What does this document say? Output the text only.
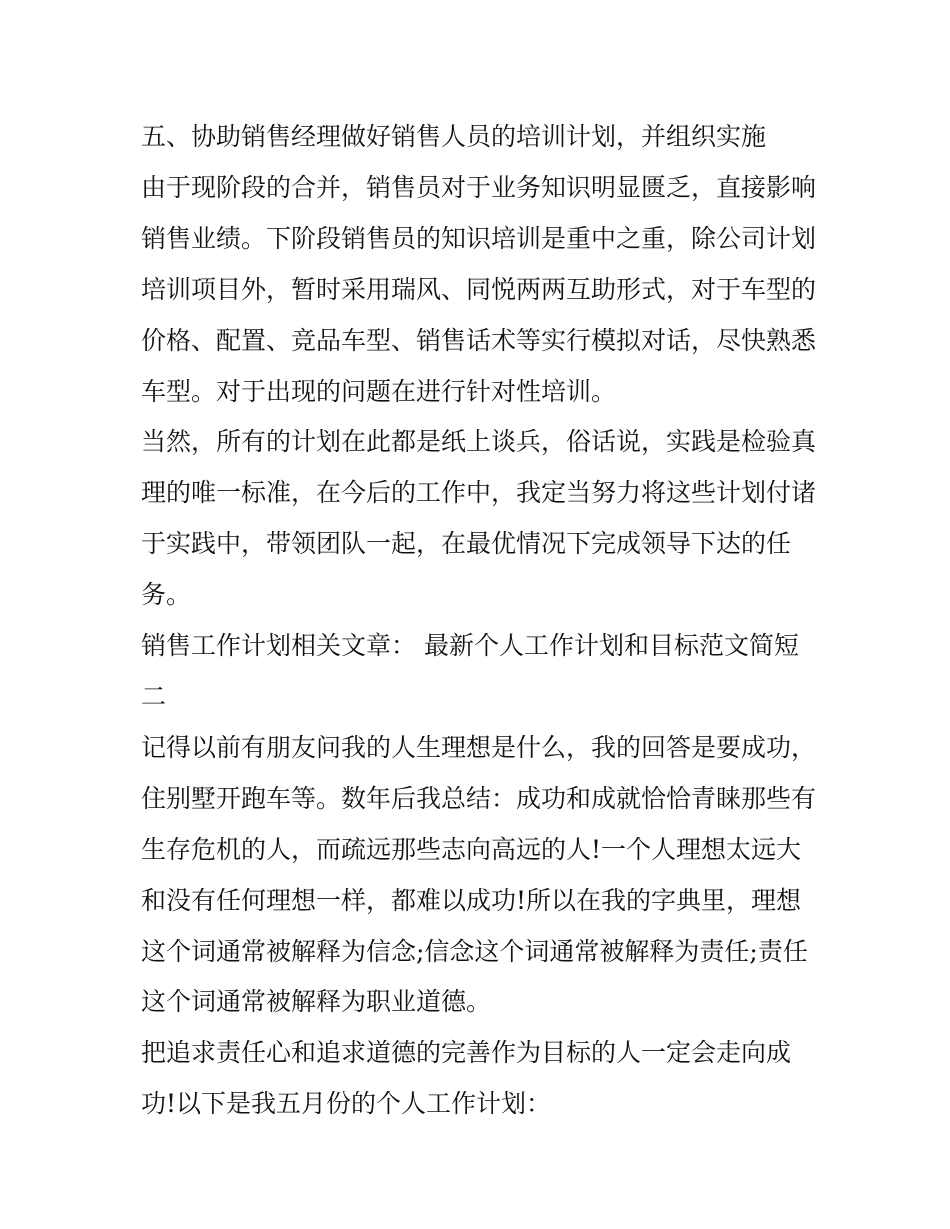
五、协助销售经理做好销售人员的培训计划，并组织实施

由于现阶段的合并，销售员对于业务知识明显匮乏，直接影响
销售业绩。下阶段销售员的知识培训是重中之重，除公司计划
培训项目外，暂时采用瑞风、同悦两两互助形式，对于车型的
价格、配置、竞品车型、销售话术等实行模拟对话，尽快熟悉
车型。对于出现的问题在进行针对性培训。

当然，所有的计划在此都是纸上谈兵，俗话说，实践是检验真
理的唯一标准，在今后的工作中，我定当努力将这些计划付诸
于实践中，带领团队一起，在最优情况下完成领导下达的任
务。

销售工作计划相关文章： 最新个人工作计划和目标范文简短

二

记得以前有朋友问我的人生理想是什么，我的回答是要成功，
住别墅开跑车等。数年后我总结：成功和成就恰恰青睐那些有
生存危机的人，而疏远那些志向高远的人!一个人理想太远大
和没有任何理想一样，都难以成功!所以在我的字典里，理想
这个词通常被解释为信念;信念这个词通常被解释为责任;责任
这个词通常被解释为职业道德。

把追求责任心和追求道德的完善作为目标的人一定会走向成
功!以下是我五月份的个人工作计划：
